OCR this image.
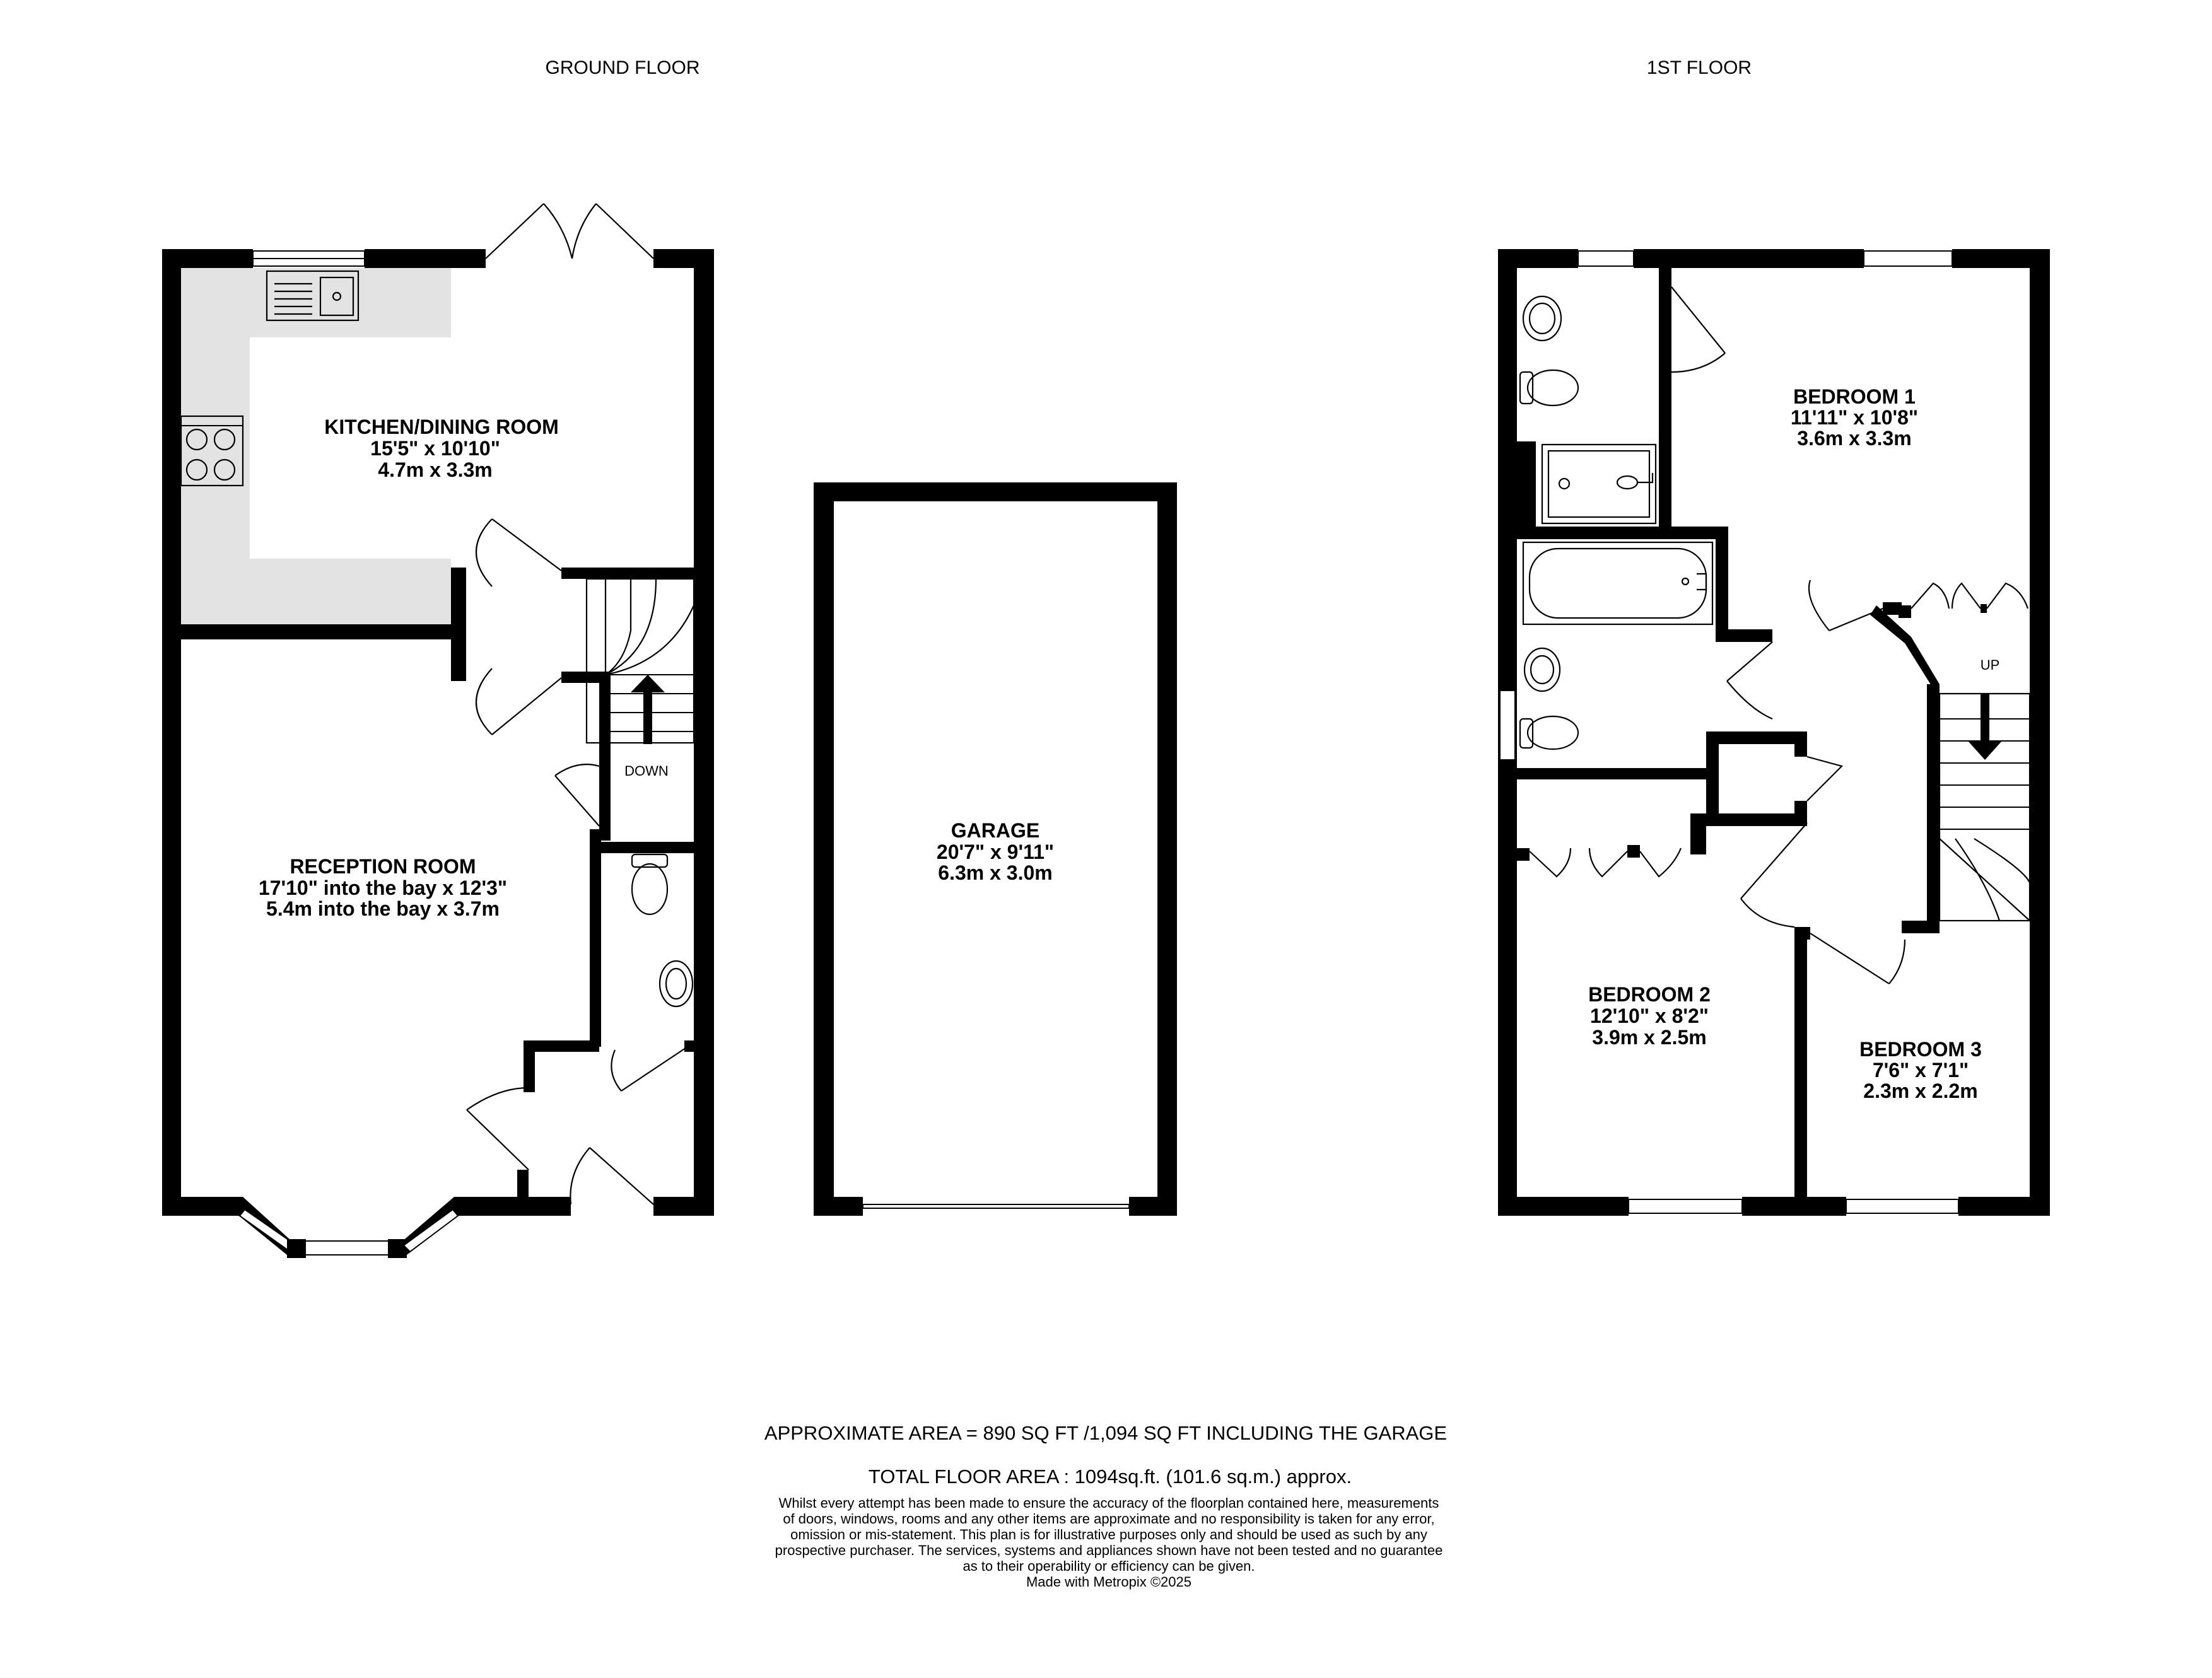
GROUND FLOOR	1ST FLOOR
DOWN
KITCHEN/DINING ROOM
15'5" x 10'10"
4.7m x 3.3m
RECEPTION ROOM
17'10" into the bay x 12'3"
5.4m into the bay x 3.7m
GARAGE
20'7" x 9'11"
6.3m x 3.0m
UP
BEDROOM 1
11'11" x 10'8"
3.6m x 3.3m
BEDROOM 2
12'10" x 8'2"
3.9m x 2.5m
BEDROOM 3
7'6" x 7'1"
2.3m x 2.2m
APPROXIMATE AREA = 890 SQ FT /1,094 SQ FT INCLUDING THE GARAGE
TOTAL FLOOR AREA : 1094sq.ft. (101.6 sq.m.) approx.
Whilst every attempt has been made to ensure the accuracy of the floorplan contained here, measurements
of doors, windows, rooms and any other items are approximate and no responsibility is taken for any error,
omission or mis-statement. This plan is for illustrative purposes only and should be used as such by any
prospective purchaser. The services, systems and appliances shown have not been tested and no guarantee
as to their operability or efficiency can be given.
Made with Metropix ©2025
